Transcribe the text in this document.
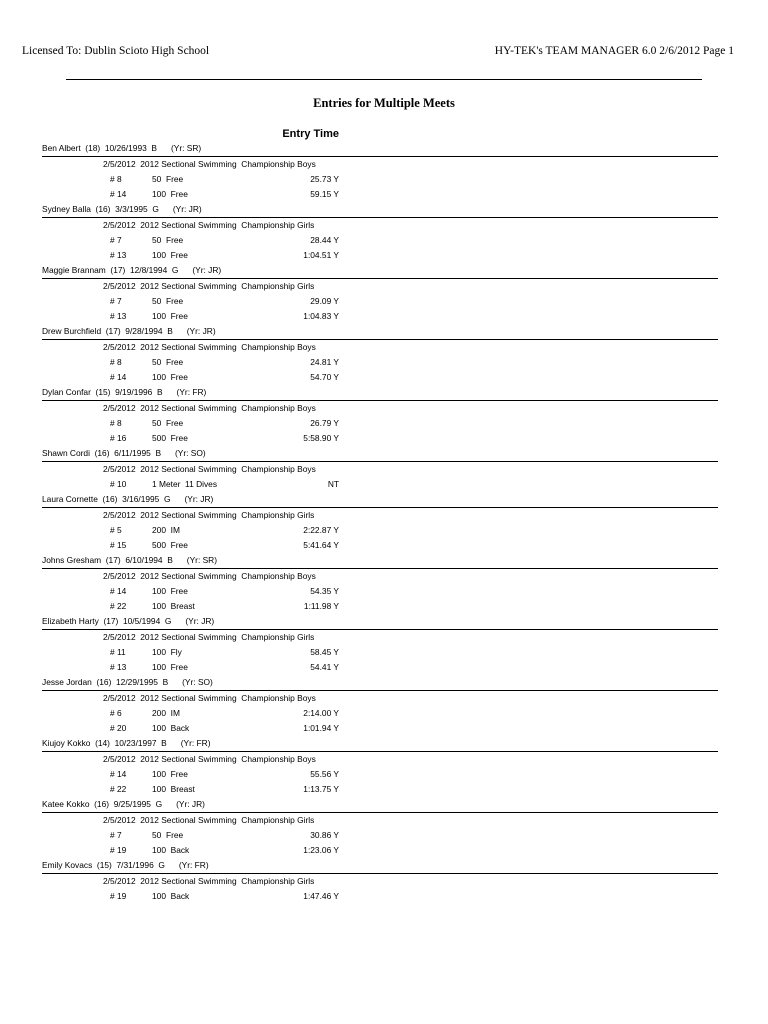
Licensed To: Dublin Scioto High School	HY-TEK's TEAM MANAGER 6.0 2/6/2012 Page 1
Entries for Multiple Meets
Entry Time
Ben Albert  (18)  10/26/1993  B      (Yr: SR)
2/5/2012  2012 Sectional Swimming  Championship Boys
# 8	50  Free	25.73 Y
# 14	100  Free	59.15 Y
Sydney Balla  (16)  3/3/1995  G      (Yr: JR)
2/5/2012  2012 Sectional Swimming  Championship Girls
# 7	50  Free	28.44 Y
# 13	100  Free	1:04.51 Y
Maggie Brannam  (17)  12/8/1994  G      (Yr: JR)
2/5/2012  2012 Sectional Swimming  Championship Girls
# 7	50  Free	29.09 Y
# 13	100  Free	1:04.83 Y
Drew Burchfield  (17)  9/28/1994  B      (Yr: JR)
2/5/2012  2012 Sectional Swimming  Championship Boys
# 8	50  Free	24.81 Y
# 14	100  Free	54.70 Y
Dylan Confar  (15)  9/19/1996  B      (Yr: FR)
2/5/2012  2012 Sectional Swimming  Championship Boys
# 8	50  Free	26.79 Y
# 16	500  Free	5:58.90 Y
Shawn Cordi  (16)  6/11/1995  B      (Yr: SO)
2/5/2012  2012 Sectional Swimming  Championship Boys
# 10	1 Meter  11 Dives	NT
Laura Cornette  (16)  3/16/1995  G      (Yr: JR)
2/5/2012  2012 Sectional Swimming  Championship Girls
# 5	200  IM	2:22.87 Y
# 15	500  Free	5:41.64 Y
Johns Gresham  (17)  6/10/1994  B      (Yr: SR)
2/5/2012  2012 Sectional Swimming  Championship Boys
# 14	100  Free	54.35 Y
# 22	100  Breast	1:11.98 Y
Elizabeth Harty  (17)  10/5/1994  G      (Yr: JR)
2/5/2012  2012 Sectional Swimming  Championship Girls
# 11	100  Fly	58.45 Y
# 13	100  Free	54.41 Y
Jesse Jordan  (16)  12/29/1995  B      (Yr: SO)
2/5/2012  2012 Sectional Swimming  Championship Boys
# 6	200  IM	2:14.00 Y
# 20	100  Back	1:01.94 Y
Kiujoy Kokko  (14)  10/23/1997  B      (Yr: FR)
2/5/2012  2012 Sectional Swimming  Championship Boys
# 14	100  Free	55.56 Y
# 22	100  Breast	1:13.75 Y
Katee Kokko  (16)  9/25/1995  G      (Yr: JR)
2/5/2012  2012 Sectional Swimming  Championship Girls
# 7	50  Free	30.86 Y
# 19	100  Back	1:23.06 Y
Emily Kovacs  (15)  7/31/1996  G      (Yr: FR)
2/5/2012  2012 Sectional Swimming  Championship Girls
# 19	100  Back	1:47.46 Y
